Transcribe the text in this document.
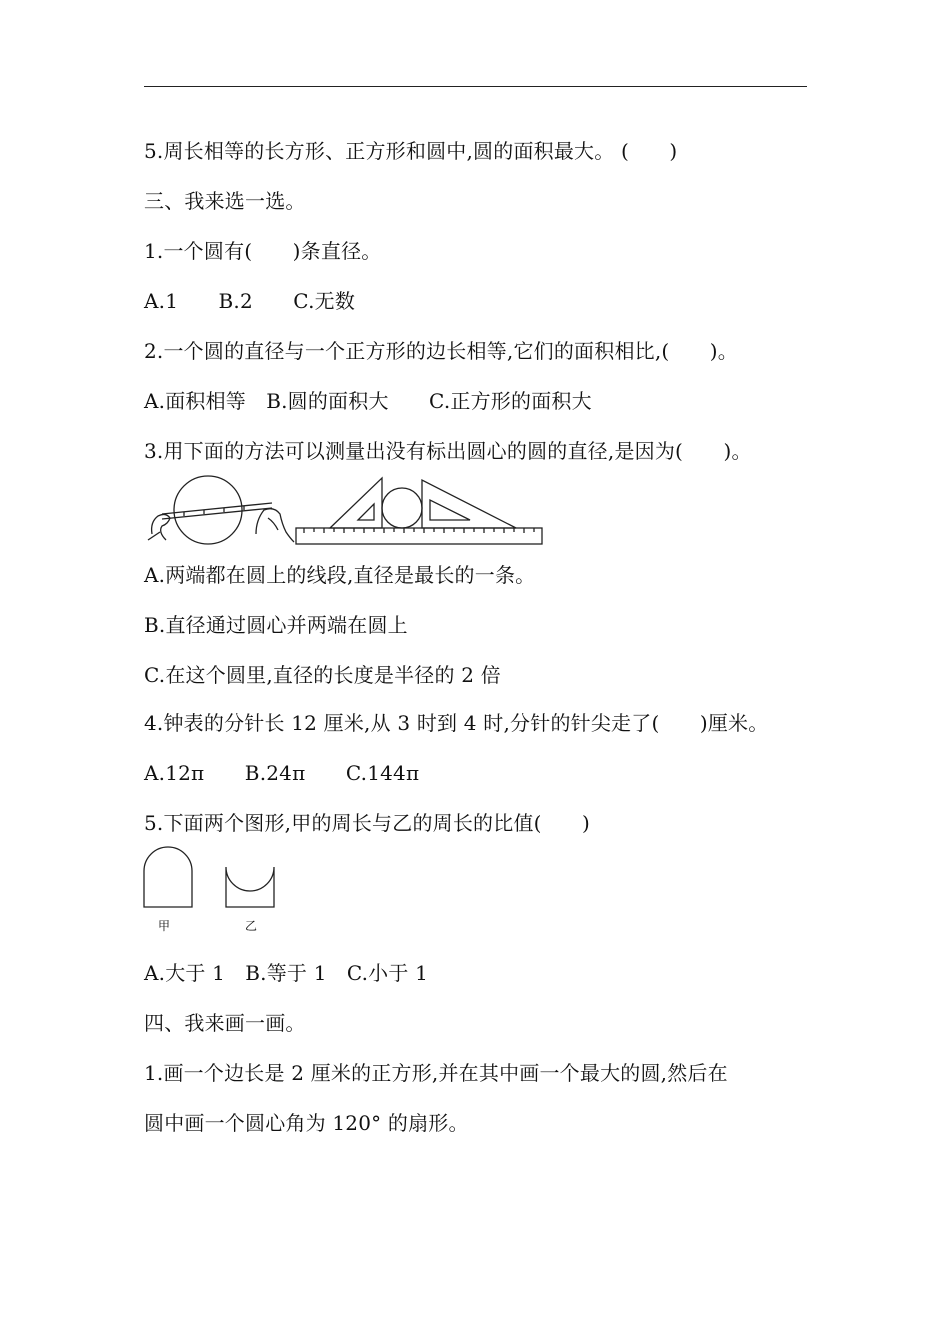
5.周长相等的长方形、正方形和圆中,圆的面积最大。 (　　)
三、我来选一选。
1.一个圆有(　　)条直径。
A.1　　B.2　　C.无数
2.一个圆的直径与一个正方形的边长相等,它们的面积相比,(　　)。
A.面积相等　B.圆的面积大　　C.正方形的面积大
3.用下面的方法可以测量出没有标出圆心的圆的直径,是因为(　　)。
A.两端都在圆上的线段,直径是最长的一条。
B.直径通过圆心并两端在圆上
C.在这个圆里,直径的长度是半径的 2 倍
4.钟表的分针长 12 厘米,从 3 时到 4 时,分针的针尖走了(　　)厘米。
A.12π　　B.24π　　C.144π
5.下面两个图形,甲的周长与乙的周长的比值(　　)
甲	乙
A.大于 1　B.等于 1　C.小于 1
四、我来画一画。
1.画一个边长是 2 厘米的正方形,并在其中画一个最大的圆,然后在
圆中画一个圆心角为 120° 的扇形。
